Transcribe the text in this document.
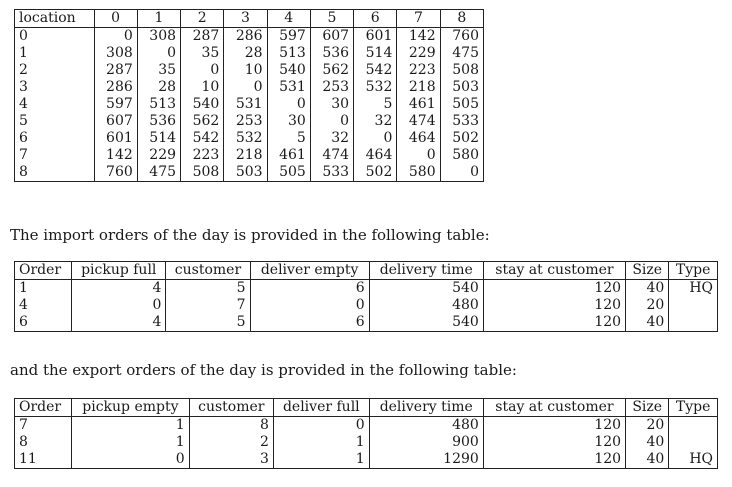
location	0	1	2	3	4	5	6	7	8
0	0	308	287	286	597	607	601	142	760
1	308	0	35	28	513	536	514	229	475
2	287	35	0	10	540	562	542	223	508
3	286	28	10	0	531	253	532	218	503
4	597	513	540	531	0	30	5	461	505
5	607	536	562	253	30	0	32	474	533
6	601	514	542	532	5	32	0	464	502
7	142	229	223	218	461	474	464	0	580
8	760	475	508	503	505	533	502	580	0
The import orders of the day is provided in the following table:
Order	pickup full	customer	deliver empty	delivery time	stay at customer	Size	Type
1	4	5	6	540	120	40	HQ
4	0	7	0	480	120	20	
6	4	5	6	540	120	40	
and the export orders of the day is provided in the following table:
Order	pickup empty	customer	deliver full	delivery time	stay at customer	Size	Type
7	1	8	0	480	120	20	
8	1	2	1	900	120	40	
11	0	3	1	1290	120	40	HQ
